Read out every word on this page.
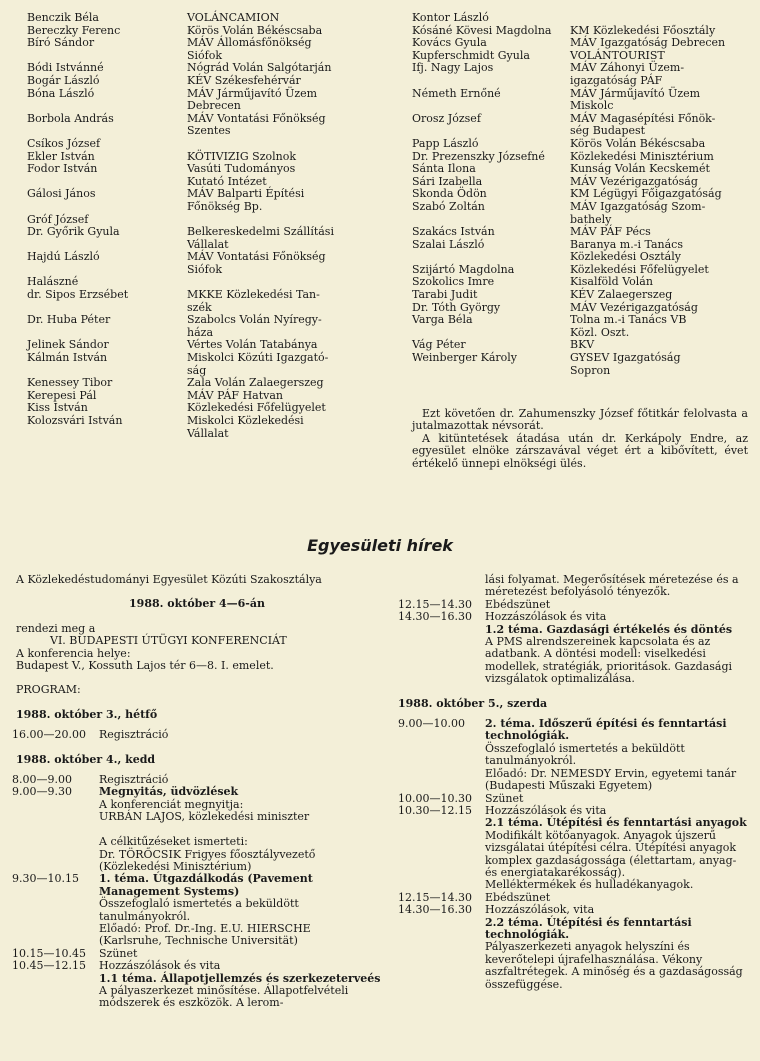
Benczik Béla	VOLÁNCAMION
Bereczky Ferenc	Körös Volán Békéscsaba
Bíró Sándor	MÁV Állomásfőnökség
Siófok
Bódi Istvánné	Nógrád Volán Salgótarján
Bogár László	KÉV Székesfehérvár
Bóna László	MÁV Járműjavító Üzem
Debrecen
Borbola András	MÁV Vontatási Főnökség
Szentes
Csíkos József
Ekler István	KÖTIVIZIG Szolnok
Fodor István	Vasúti Tudományos
Kutató Intézet
Gálosi János	MÁV Balparti Építési
Főnökség Bp.
Gróf József
Dr. Győrik Gyula	Belkereskedelmi Szállítási
Vállalat
Hajdú László	MÁV Vontatási Főnökség
Siófok
Halászné
dr. Sipos Erzsébet	MKKE Közlekedési Tan-
szék
Dr. Huba Péter	Szabolcs Volán Nyíregy-
háza
Jelinek Sándor	Vértes Volán Tatabánya
Kálmán István	Miskolci Közúti Igazgató-
ság
Kenessey Tibor	Zala Volán Zalaegerszeg
Kerepesi Pál	MÁV PÁF Hatvan
Kiss István	Közlekedési Főfelügyelet
Kolozsvári István	Miskolci Közlekedési
Vállalat
Kontor László
Kósáné Kövesi Magdolna	KM Közlekedési Főosztály
Kovács Gyula	MÁV Igazgatóság Debrecen
Kupferschmidt Gyula	VOLÁNTOURIST
Ifj. Nagy Lajos	MÁV Záhonyi Üzem-
igazgatóság PÁF
Németh Ernőné	MÁV Járműjavító Üzem
Miskolc
Orosz József	MÁV Magasépítési Főnök-
ség Budapest
Papp László	Körös Volán Békéscsaba
Dr. Prezenszky Józsefné	Közlekedési Minisztérium
Sánta Ilona	Kunság Volán Kecskemét
Sári Izabella	MÁV Vezérigazgatóság
Skonda Ödön	KM Légügyi Főigazgatóság
Szabó Zoltán	MÁV Igazgatóság Szom-
bathely
Szakács István	MÁV PÁF Pécs
Szalai László	Baranya m.-i Tanács
Közlekedési Osztály
Szijártó Magdolna	Közlekedési Főfelügyelet
Szokolics Imre	Kisalföld Volán
Tarabi Judit	KÉV Zalaegerszeg
Dr. Tóth György	MÁV Vezérigazgatóság
Varga Béla	Tolna m.-i Tanács VB
Közl. Oszt.
Vág Péter	BKV
Weinberger Károly	GYSEV Igazgatóság
Sopron

Ezt követően dr. Zahumenszky József főtitkár felolvasta a jutalmazottak névsorát.

A kitüntetések átadása után dr. Kerkápoly Endre, az egyesület elnöke zárszavával véget ért a kibővített, évet értékelő ünnepi elnökségi ülés.

Egyesületi hírek
A Közlekedéstudományi Egyesület Közúti Szakosztálya
1988. október 4—6-án
rendezi meg a
VI. BUDAPESTI ÚTÜGYI KONFERENCIÁT
A konferencia helye:
Budapest V., Kossuth Lajos tér 6—8. I. emelet.
PROGRAM:
1988. október 3., hétfő
16.00—20.00	Regisztráció
1988. október 4., kedd
8.00—9.00	Regisztráció
9.00—9.30	Megnyitás, üdvözlések
A konferenciát megnyitja:
URBÁN LAJOS, közlekedési miniszter

A célkitűzéseket ismerteti:
Dr. TÖRŐCSIK Frigyes főosztályvezető
(Közlekedési Minisztérium)
9.30—10.15	1. téma. Útgazdálkodás (Pavement Management Systems)
Összefoglaló ismertetés a beküldött tanulmányokról.
Előadó: Prof. Dr.-Ing. E.U. HIERSCHE
(Karlsruhe, Technische Universität)
10.15—10.45	Szünet
10.45—12.15	Hozzászólások és vita
1.1 téma. Állapotjellemzés és szerkezeterveés
A pályaszerkezet minősítése. Állapotfelvételi módszerek és eszközök. A lerom-
lási folyamat. Megerősítések méretezése és a méretezést befolyásoló tényezők.
12.15—14.30	Ebédszünet
14.30—16.30	Hozzászólások és vita
1.2 téma. Gazdasági értékelés és döntés
A PMS alrendszereinek kapcsolata és az adatbank. A döntési modell: viselkedési modellek, stratégiák, prioritások. Gazdasági vizsgálatok optimalizálása.
1988. október 5., szerda
9.00—10.00	2. téma. Időszerű építési és fenntartási technológiák.
Összefoglaló ismertetés a beküldött tanulmányokról.
Előadó: Dr. NEMESDY Ervin, egyetemi tanár (Budapesti Műszaki Egyetem)
10.00—10.30	Szünet
10.30—12.15	Hozzászólások és vita
2.1 téma. Útépítési és fenntartási anyagok
Modifikált kötőanyagok. Anyagok újszerű vizsgálatai útépítési célra. Útépítési anyagok komplex gazdaságossága (élettartam, anyag- és energiatakarékosság).
Melléktermékek és hulladékanyagok.
12.15—14.30	Ebédszünet
14.30—16.30	Hozzászólások, vita
2.2 téma. Útépítési és fenntartási technológiák.
Pályaszerkezeti anyagok helyszíni és keverőtelepi újrafelhasználása. Vékony aszfaltrétegek. A minőség és a gazdaságosság összefüggése.
